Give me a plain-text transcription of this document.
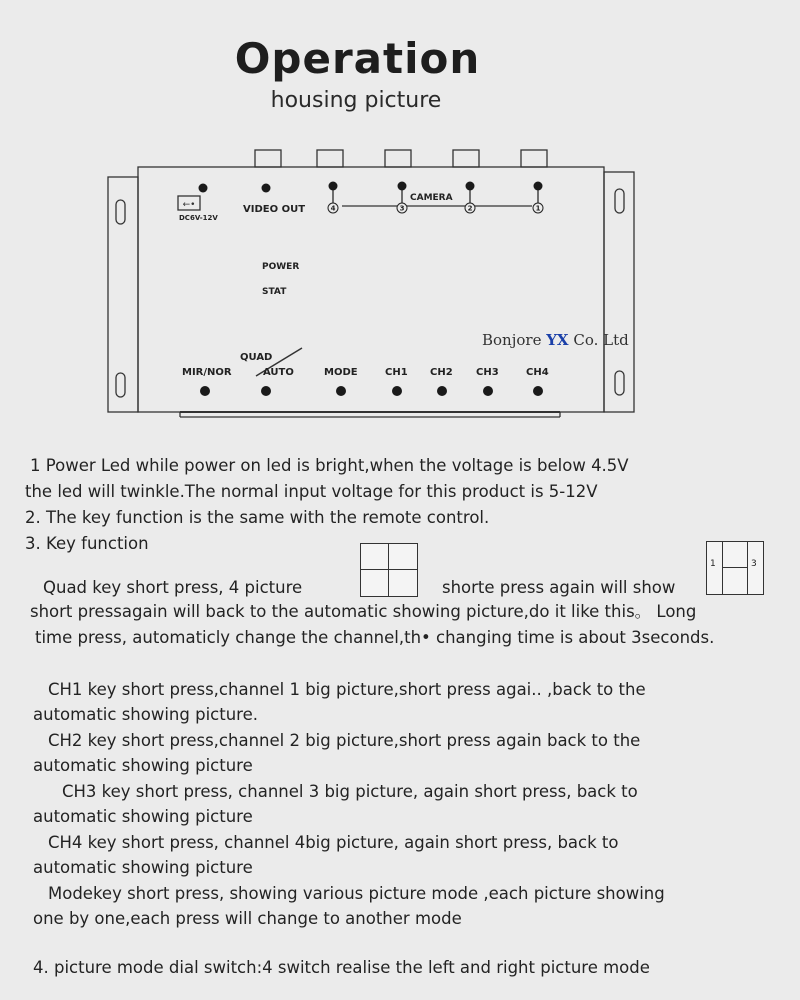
Operation
housing picture
←•	4	3	2	1
DC6V-12V
VIDEO OUT
CAMERA
POWER
STAT
MIR/NOR
QUAD
AUTO	MODE	CH1 CH2 CH3	CH4
Bonjore YX Co. Ltd
1 Power Led while power on led is bright,when the voltage is below 4.5V
the led will twinkle.The normal input voltage for this product is 5-12V
2. The key function is the same with the remote control.
3. Key function
Quad key short press, 4 picture	shorte press again will show
1	3
short pressagain will back to the automatic showing picture,do it like this。 Long
time press, automaticly change the channel,th• changing time is about 3seconds.
CH1 key short press,channel 1 big picture,short press agai.. ,back to the
automatic showing picture.
CH2 key short press,channel 2 big picture,short press again back to the
automatic showing picture
CH3 key short press, channel 3 big picture, again short press, back to
automatic showing picture
CH4 key short press, channel 4big picture, again short press, back to
automatic showing picture
Modekey short press, showing various picture mode ,each picture showing
one by one,each press will change to another mode
4. picture mode dial switch:4 switch realise the left and right picture mode
